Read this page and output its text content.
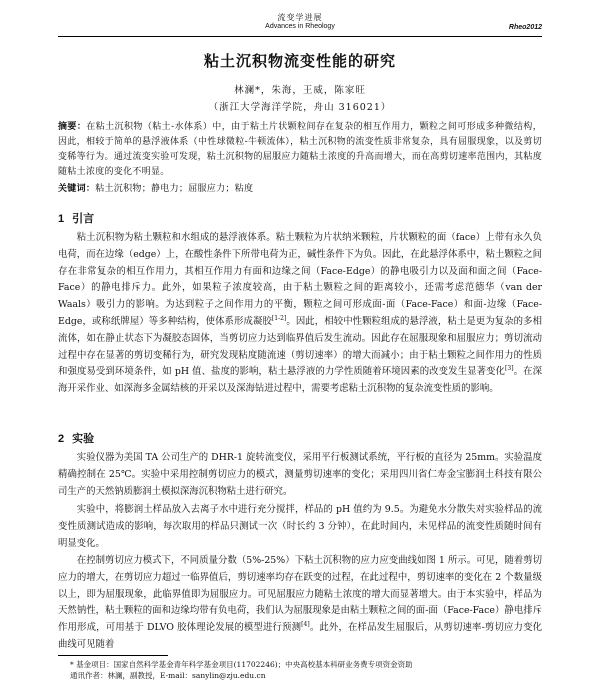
流变学进展
Advances in Rheology	Rheo2012
粘土沉积物流变性能的研究
林澜*，朱海，王威，陈家旺
（浙江大学海洋学院，舟山 316021）
摘要：在粘土沉积物（粘土-水体系）中，由于粘土片状颗粒间存在复杂的相互作用力，颗粒之间可形成多种微结构，因此，相较于简单的悬浮液体系（中性球微粒-牛顿流体），粘土沉积物的流变性质非常复杂，具有屈服现象，以及剪切变稀等行为。通过流变实验可发现，粘土沉积物的屈服应力随粘土浓度的升高而增大，而在高剪切速率范围内，其粘度随粘土浓度的变化不明显。
关键词：粘土沉积物；静电力；屈服应力；粘度
1 引言
粘土沉积物为粘土颗粒和水组成的悬浮液体系。粘土颗粒为片状纳米颗粒，片状颗粒的面（face）上带有永久负电荷，而在边缘（edge）上，在酸性条件下所带电荷为正，碱性条件下为负。因此，在此悬浮体系中，粘土颗粒之间存在非常复杂的相互作用力，其相互作用力有面和边缘之间（Face-Edge）的静电吸引力以及面和面之间（Face-Face）的静电排斥力。此外，如果粒子浓度较高，由于粘土颗粒之间的距离较小，还需考虑范德华（van der Waals）吸引力的影响。为达到粒子之间作用力的平衡，颗粒之间可形成面-面（Face-Face）和面-边缘（Face-Edge，或称纸牌屋）等多种结构，使体系形成凝胶[1-2]。因此，相较中性颗粒组成的悬浮液，粘土是更为复杂的多相流体，如在静止状态下为凝胶态固体，当剪切应力达到临界值后发生流动。因此存在屈服现象和屈服应力；剪切流动过程中存在显著的剪切变稀行为，研究发现粘度随流速（剪切速率）的增大而减小；由于粘土颗粒之间作用力的性质和强度易受到环境条件，如 pH 值、盐度的影响，粘土悬浮液的力学性质随着环境因素的改变发生显著变化[3]。在深海开采作业、如深海多金属结核的开采以及深海钻进过程中，需要考虑粘土沉积物的复杂流变性质的影响。
2 实验
实验仪器为美国 TA 公司生产的 DHR-1 旋转流变仪，采用平行板测试系统，平行板的直径为 25mm。实验温度精确控制在 25℃。实验中采用控制剪切应力的模式，测量剪切速率的变化；采用四川省仁寿金宝膨润土科技有限公司生产的天然钠质膨润土模拟深海沉积物粘土进行研究。
实验中，将膨润土样品放入去离子水中进行充分搅拌，样品的 pH 值约为 9.5。为避免水分散失对实验样品的流变性质测试造成的影响，每次取用的样品只测试一次（时长约 3 分钟），在此时间内，未见样品的流变性质随时间有明显变化。
在控制剪切应力模式下，不同质量分数（5%-25%）下粘土沉积物的应力应变曲线如图 1 所示。可见，随着剪切应力的增大，在剪切应力超过一临界值后，剪切速率均存在跃变的过程，在此过程中，剪切速率的变化在 2 个数量级以上，即为屈服现象，此临界值即为屈服应力。可见屈服应力随粘土浓度的增大而显著增大。由于本实验中，样品为天然钠性，粘土颗粒的面和边缘均带有负电荷，我们认为屈服现象是由粘土颗粒之间的面-面（Face-Face）静电排斥作用形成，可用基于 DLVO 胶体理论发展的模型进行预测[4]。此外，在样品发生屈服后，从剪切速率-剪切应力变化曲线可见随着
* 基金项目：国家自然科学基金青年科学基金项目(11702246)；中央高校基本科研业务费专项资金资助
通讯作者：林澜，副教授，E-mail：sanylin@zju.edu.cn
